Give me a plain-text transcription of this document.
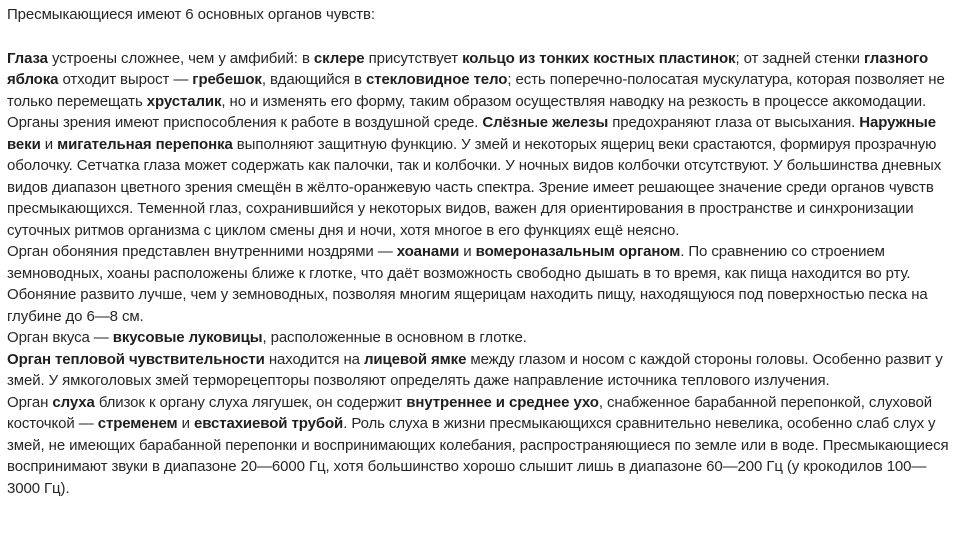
Пресмыкающиеся имеют 6 основных органов чувств:

Глаза устроены сложнее, чем у амфибий: в склере присутствует кольцо из тонких костных пластинок; от задней стенки глазного яблока отходит вырост — гребешок, вдающийся в стекловидное тело; есть поперечно-полосатая мускулатура, которая позволяет не только перемещать хрусталик, но и изменять его форму, таким образом осуществляя наводку на резкость в процессе аккомодации. Органы зрения имеют приспособления к работе в воздушной среде. Слёзные железы предохраняют глаза от высыхания. Наружные веки и мигательная перепонка выполняют защитную функцию. У змей и некоторых ящериц веки срастаются, формируя прозрачную оболочку. Сетчатка глаза может содержать как палочки, так и колбочки. У ночных видов колбочки отсутствуют. У большинства дневных видов диапазон цветного зрения смещён в жёлто-оранжевую часть спектра. Зрение имеет решающее значение среди органов чувств пресмыкающихся. Теменной глаз, сохранившийся у некоторых видов, важен для ориентирования в пространстве и синхронизации суточных ритмов организма с циклом смены дня и ночи, хотя многое в его функциях ещё неясно.

Орган обоняния представлен внутренними ноздрями — хоанами и вомероназальным органом. По сравнению со строением земноводных, хоаны расположены ближе к глотке, что даёт возможность свободно дышать в то время, как пища находится во рту. Обоняние развито лучше, чем у земноводных, позволяя многим ящерицам находить пищу, находящуюся под поверхностью песка на глубине до 6—8 см.

Орган вкуса — вкусовые луковицы, расположенные в основном в глотке.

Орган тепловой чувствительности находится на лицевой ямке между глазом и носом с каждой стороны головы. Особенно развит у змей. У ямкоголовых змей терморецепторы позволяют определять даже направление источника теплового излучения.

Орган слуха близок к органу слуха лягушек, он содержит внутреннее и среднее ухо, снабженное барабанной перепонкой, слуховой косточкой — стременем и евстахиевой трубой. Роль слуха в жизни пресмыкающихся сравнительно невелика, особенно слаб слух у змей, не имеющих барабанной перепонки и воспринимающих колебания, распространяющиеся по земле или в воде. Пресмыкающиеся воспринимают звуки в диапазоне 20—6000 Гц, хотя большинство хорошо слышит лишь в диапазоне 60—200 Гц (у крокодилов 100—3000 Гц).
